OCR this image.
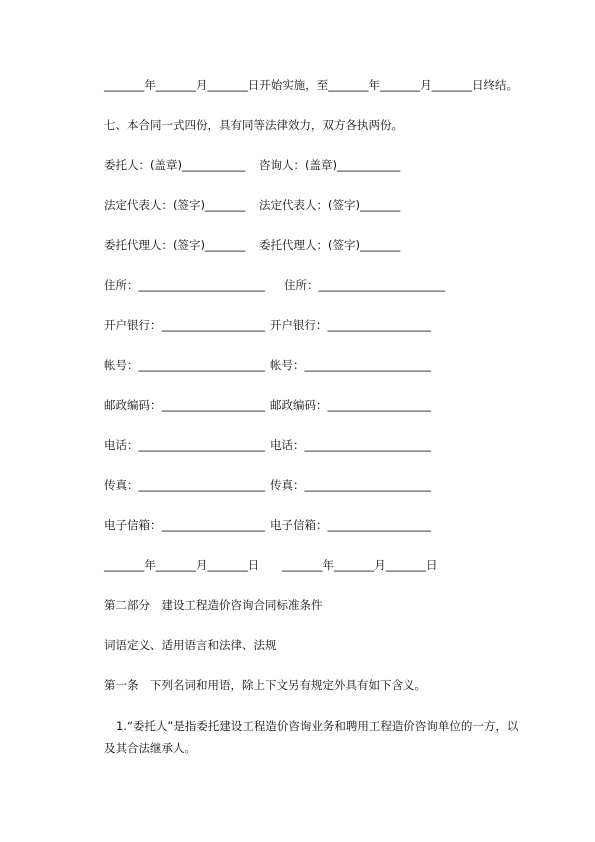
_______年_______月_______日开始实施，至_______年_______月_______日终结。
七、本合同一式四份，具有同等法律效力，双方各执两份。
委托人：(盖章)___________ 咨询人：(盖章)___________
法定代表人：(签字)_______ 法定代表人：(签字)_______
委托代理人：(签字)_______ 委托代理人：(签字)_______
住所：______________________ 住所：______________________
开户银行：__________________ 开户银行：__________________
帐号：______________________ 帐号：______________________
邮政编码：__________________ 邮政编码：__________________
电话：______________________ 电话：______________________
传真：______________________ 传真：______________________
电子信箱：__________________ 电子信箱：__________________
_______年_______月_______日　　_______年_______月_______日
第二部分　建设工程造价咨询合同标准条件
词语定义、适用语言和法律、法规
第一条　下列名词和用语，除上下文另有规定外具有如下含义。
1.“委托人”是指委托建设工程造价咨询业务和聘用工程造价咨询单位的一方，以
及其合法继承人。
